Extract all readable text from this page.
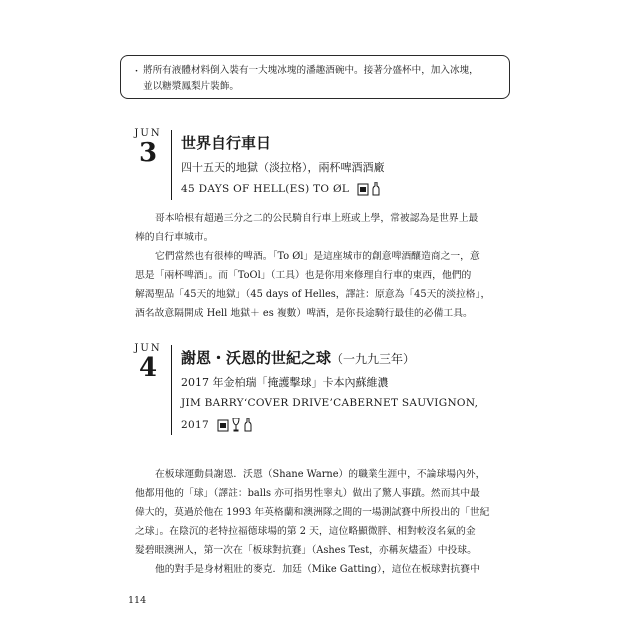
・ 將所有液體材料倒入裝有一大塊冰塊的潘趣酒碗中。接著分盛杯中，加入冰塊，
並以糖漿鳳梨片裝飾。
JUN
3	世界自行車日
四十五天的地獄（淡拉格），兩杯啤酒酒廠
45 DAYS OF HELL(ES) TO ØL
哥本哈根有超過三分之二的公民騎自行車上班或上學，常被認為是世界上最
棒的自行車城市。
它們當然也有很棒的啤酒。「To Øl」是這座城市的創意啤酒釀造商之一，意
思是「兩杯啤酒」。而「ToOl」（工具）也是你用來修理自行車的東西，他們的
解渴聖品「45天的地獄」（45 days of Helles，譯註：原意為「45天的淡拉格」，
酒名故意隔開成 Hell 地獄＋ es 複數）啤酒，是你長途騎行最佳的必備工具。
JUN
4	謝恩・沃恩的世紀之球（一九九三年）
2017 年金柏瑞「掩護擊球」卡本內蘇維濃
JIM BARRY‘COVER DRIVE’CABERNET SAUVIGNON,
2017
在板球運動員謝恩．沃恩（Shane Warne）的職業生涯中，不論球場內外，
他都用他的「球」（譯註：balls 亦可指男性睾丸）做出了驚人事蹟。然而其中最
偉大的，莫過於他在 1993 年英格蘭和澳洲隊之間的一場測試賽中所投出的「世紀
之球」。在陰沉的老特拉福德球場的第 2 天，這位略顯微胖、相對較沒名氣的金
髮碧眼澳洲人，第一次在「板球對抗賽」（Ashes Test，亦稱灰燼盃）中投球。
他的對手是身材粗壯的麥克．加廷（Mike Gatting），這位在板球對抗賽中
114
